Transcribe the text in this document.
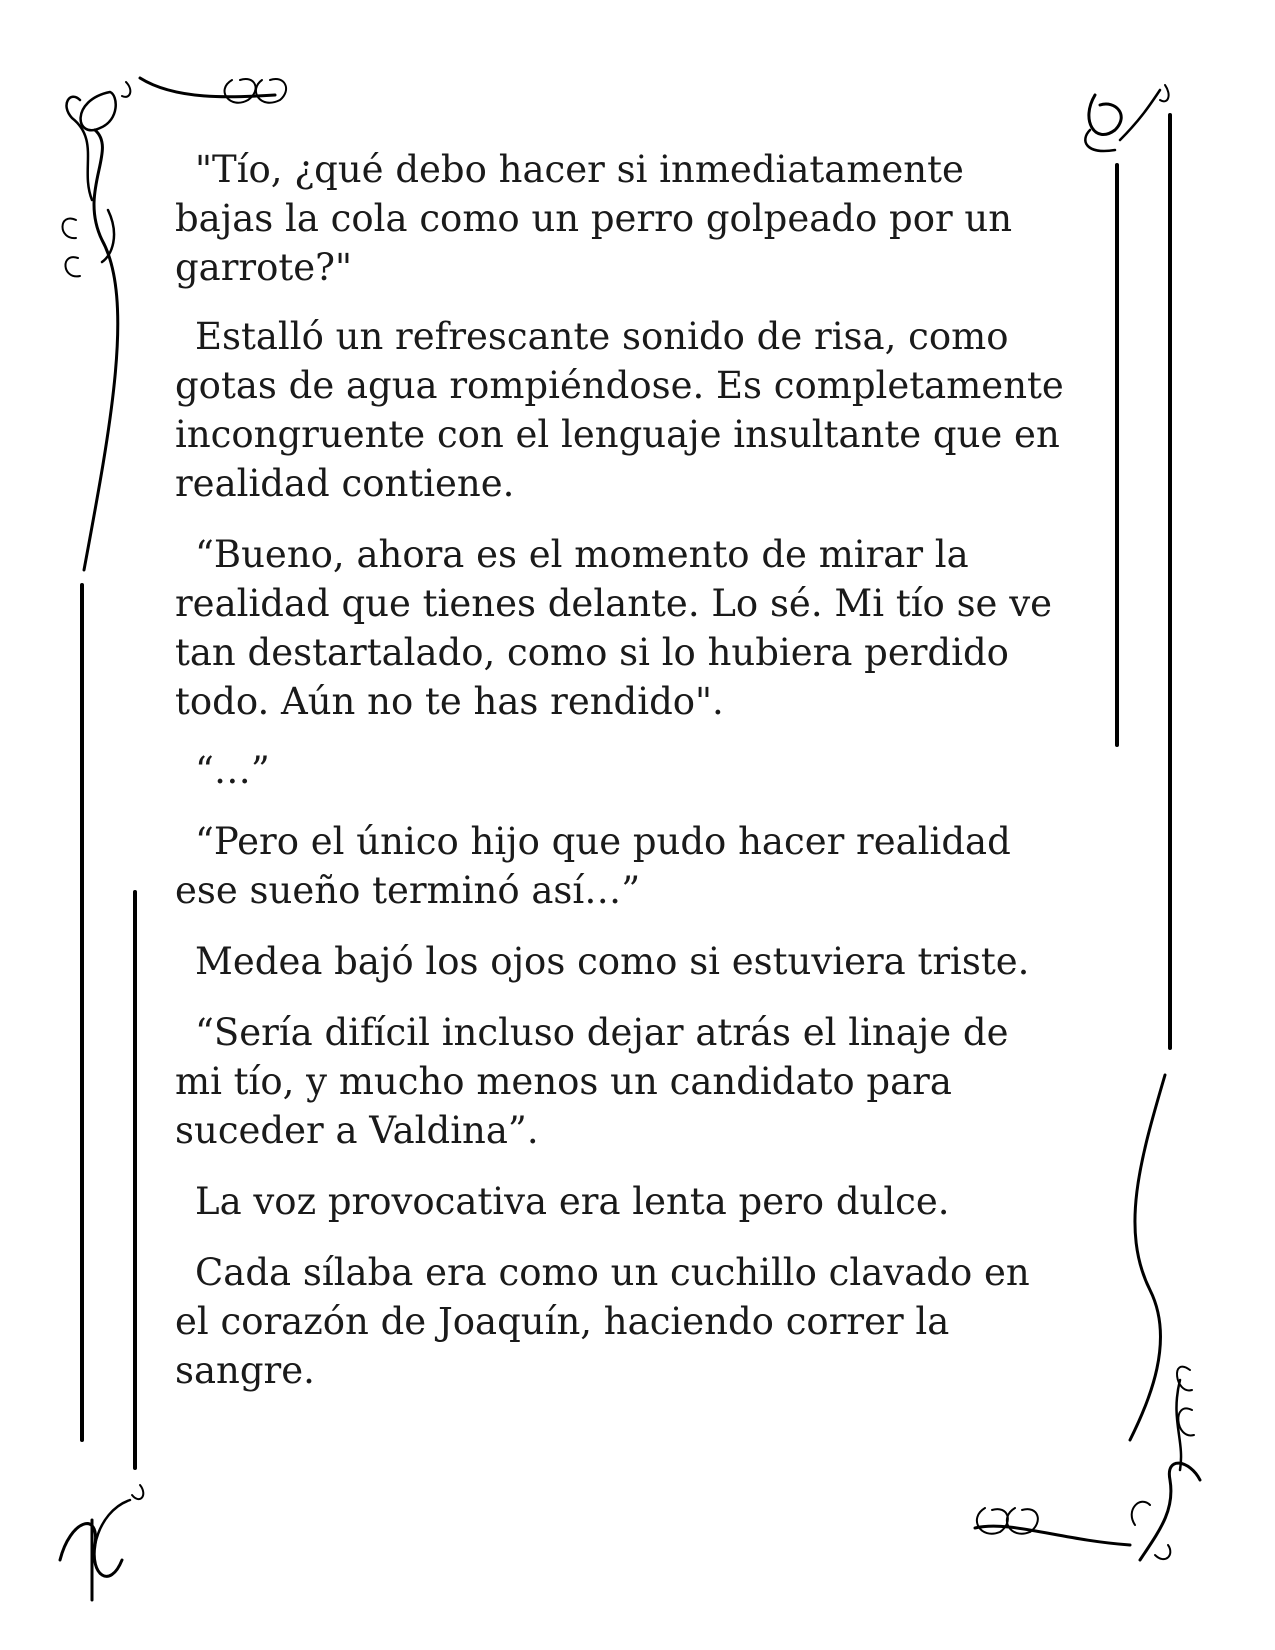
"Tío, ¿qué debo hacer si inmediatamente
bajas la cola como un perro golpeado por un
garrote?"

Estalló un refrescante sonido de risa, como
gotas de agua rompiéndose. Es completamente
incongruente con el lenguaje insultante que en
realidad contiene.

“Bueno, ahora es el momento de mirar la
realidad que tienes delante. Lo sé. Mi tío se ve
tan destartalado, como si lo hubiera perdido
todo. Aún no te has rendido".

“…”

“Pero el único hijo que pudo hacer realidad
ese sueño terminó así…”

Medea bajó los ojos como si estuviera triste.

“Sería difícil incluso dejar atrás el linaje de
mi tío, y mucho menos un candidato para
suceder a Valdina”.

La voz provocativa era lenta pero dulce.

Cada sílaba era como un cuchillo clavado en
el corazón de Joaquín, haciendo correr la
sangre.
